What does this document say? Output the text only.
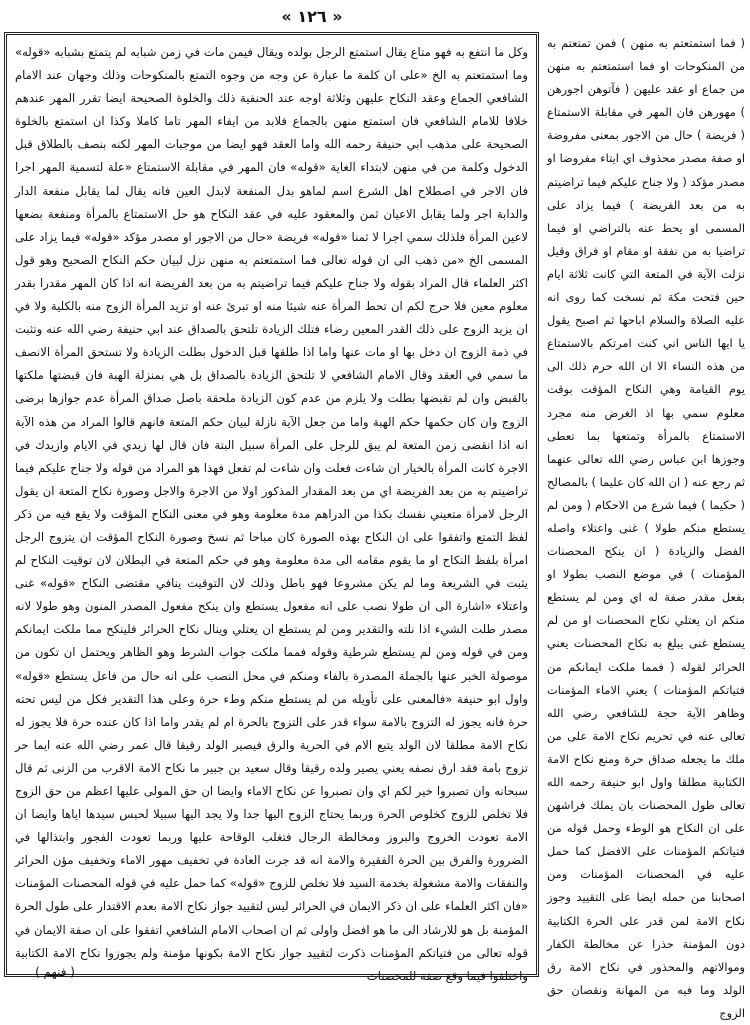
« ١٢٦ »

وكل ما انتفع به فهو متاع يقال استمتع الرجل بولده ويقال فيمن مات في زمن شبابه لم يتمتع بشبابه «قوله» وما استمتعتم به الخ «على ان كلمة ما عبارة عن وجه من وجوه التمتع بالمنكوحات وذلك وجهان عند الامام الشافعي الجماع وعقد النكاح عليهن وثلاثة اوجه عند الحنفية ذلك والخلوة الصحيحة ايضا تقرر المهر عندهم خلافا للامام الشافعي فان استمتع منهن بالجماع فلابد من ايفاء المهر تاما كاملا وكذا ان استمتع بالخلوة الصحيحة على مذهب ابي حنيفة رحمه الله واما العقد فهو ايضا من موجبات المهر لكنه بنصف بالطلاق قبل الدخول وكلمة من في منهن لابتداء الغاية «قوله» فان المهر في مقابلة الاستمتاع «علة لتسمية المهر اجرا فان الاجر في اصطلاح اهل الشرع اسم لماهو بدل المنفعة لابدل العين فانه يقال لما يقابل منفعة الدار والدابة اجر ولما يقابل الاعيان ثمن والمعقود عليه في عقد النكاح هو حل الاستمتاع بالمرأة ومنفعة بضعها لاعين المرأة فلذلك سمي اجرا لا ثمنا «قوله» فريضة «حال من الاجور او مصدر مؤكد «قوله» فيما يزاد على المسمى الخ «من ذهب الى ان قوله تعالى فما استمتعتم به منهن نزل لبيان حكم النكاح الصحيح وهو قول اكثر العلماء قال المراد بقوله ولا جناح عليكم فيما تراضيتم به من بعد الفريضة انه اذا كان المهر مقدرا بقدر معلوم معين فلا حرج لكم ان تحط المرأة عنه شيئا منه او تبرئ عنه او تزيد المرأة الزوج منه بالكلية ولا في ان يزيد الزوج على ذلك القدر المعين رضاء فتلك الزيادة تلتحق بالصداق عند ابي حنيفة رضي الله عنه وتثبت في ذمة الزوج ان دخل بها او مات عنها واما اذا طلقها قبل الدخول بطلت الزيادة ولا تستحق المرأة الانصف ما سمي في العقد وقال الامام الشافعي لا تلتحق الزيادة بالصداق بل هي بمنزلة الهبة فان قبضتها ملكتها بالقبض وان لم تقبضها بطلت ولا يلزم من عدم كون الزيادة ملحقة باصل صداق المرأة عدم جوازها برضى الزوج وان كان حكمها حكم الهبة واما من جعل الآية نازلة لبيان حكم المتعة فانهم قالوا المراد من هذه الآية انه اذا انقضى زمن المتعة لم يبق للرجل على المرأة سبيل البتة فان قال لها زيدي في الايام وازيدك في الاجرة كانت المرأة بالخيار ان شاءت فعلت وان شاءت لم تفعل فهذا هو المراد من قوله ولا جناح عليكم فيما تراضيتم به من بعد الفريضة اي من بعد المقدار المذكور اولا من الاجرة والاجل وصورة نكاح المتعة ان يقول الرجل لامرأة متعيني نفسك بكذا من الدراهم مدة معلومة وهو في معنى النكاح المؤقت ولا يقع فيه من ذكر لفظ التمتع واتفقوا على ان النكاح بهذه الصورة كان مباحا ثم نسخ وصورة النكاح المؤقت ان يتزوج الرجل امرأة بلفظ النكاح او ما يقوم مقامه الى مدة معلومة وهو في حكم المتعة في البطلان لان توقيت النكاح لم يثبت في الشريعة وما لم يكن مشروعا فهو باطل وذلك لان التوقيت ينافي مقتضى النكاح «قوله» غنى واعتلاء «اشارة الى ان طولا نصب على انه مفعول يستطع وان ينكح مفعول المصدر المنون وهو طولا لانه مصدر طلت الشيء اذا نلته والتقدير ومن لم يستطع ان يعتلي وينال نكاح الحرائر فلينكح مما ملكت ايمانكم ومن في قوله ومن لم يستطع شرطية وقوله فمما ملكت جواب الشرط وهو الظاهر ويحتمل ان تكون من موصولة الخبر عنها بالجملة المصدرة بالفاء ومنكم في محل النصب على انه حال من فاعل يستطع «قوله» واول ابو حنيفة «فالمعنى على تأويله من لم يستطع منكم وطء حرة وعلى هذا التقدير فكل من ليس تحته حرة فانه يجوز له التزوج بالامة سواء قدر على التزوج بالحرة ام لم يقدر واما اذا كان عنده حرة فلا يجوز له نكاح الامة مطلقا لان الولد يتبع الام في الحرية والرق فيصير الولد رقيقا قال عمر رضي الله عنه ايما حر تزوج بامة فقد ارق نصفه يعني يصير ولده رقيقا وقال سعيد بن جبير ما نكاح الامة الاقرب من الزنى ثم قال سبحانه وان تصبروا خير لكم اي وان تصبروا عن نكاح الاماء وايضا ان حق المولى عليها اعظم من حق الزوج فلا تخلص للزوج كخلوص الحرة وربما يحتاج الزوج اليها جدا ولا يجد اليها سبيلا لحبس سيدها اياها وايضا ان الامة تعودت الخروج والبروز ومخالطة الرجال فتغلب الوقاحة عليها وربما تعودت الفجور وابتذالها في الضرورة والفرق بين الحرة الفقيرة والامة انه قد جرت العادة في تخفيف مهور الاماء وتخفيف مؤن الحرائر والنفقات والامة مشغولة بخدمة السيد فلا تخلص للزوج «قوله» كما حمل عليه في قوله المحصنات المؤمنات «فان اكثر العلماء على ان ذكر الايمان في الحرائر ليس لتقييد جواز نكاح الامة بعدم الاقتدار على طول الحرة المؤمنة بل هو للارشاد الى ما هو افضل واولى ثم ان اصحاب الامام الشافعي اتفقوا على ان صفة الايمان في قوله تعالى من فتياتكم المؤمنات ذكرت لتقييد جواز نكاح الامة بكونها مؤمنة ولم يجوزوا نكاح الامة الكتابية واختلفوا فيما وقع صفة للمحصنات

( فما استمتعتم به منهن ) فمن تمتعتم به من المنكوحات او فما استمتعتم به منهن من جماع او عقد عليهن ( فآتوهن اجورهن ) مهورهن فان المهر في مقابلة الاستمتاع ( فريضة ) حال من الاجور بمعنى مفروضة او صفة مصدر محذوف اي ايتاء مفروضا او مصدر مؤكد ( ولا جناح عليكم فيما تراضيتم به من بعد الفريضة ) فيما يزاد على المسمى او يحط عنه بالتراضي او فيما تراضيا به من نفقة او مقام او فراق وقيل نزلت الآية في المتعة التي كانت ثلاثة ايام حين فتحت مكة ثم نسخت كما روى انه عليه الصلاة والسلام اباحها ثم اصبح يقول يا ايها الناس اني كنت امرتكم بالاستمتاع من هذه النساء الا ان الله حرم ذلك الى يوم القيامة وهي النكاح المؤقت بوقت معلوم سمي بها اذ الغرض منه مجرد الاستمتاع بالمرأة وتمتعها بما تعطى وجوزها ابن عباس رضي الله تعالى عنهما ثم رجع عنه ( ان الله كان عليما ) بالمصالح ( حكيما ) فيما شرع من الاحكام ( ومن لم يستطع منكم طولا ) غنى واعتلاء واصله الفضل والزيادة ( ان ينكح المحصنات المؤمنات ) في موضع النصب بطولا او بفعل مقدر صفة له اي ومن لم يستطع منكم ان يعتلي نكاح المحصنات او من لم يستطع غنى يبلغ به نكاح المحصنات يعني الحرائر لقوله ( فمما ملكت ايمانكم من فتياتكم المؤمنات ) يعني الاماء المؤمنات وظاهر الآية حجة للشافعي رضي الله تعالى عنه في تحريم نكاح الامة على من ملك ما يجعله صداق حرة ومنع نكاح الامة الكتابية مطلقا واول ابو حنيفة رحمه الله تعالى طول المحصنات بان يملك فراشهن على ان النكاح هو الوطء وحمل قوله من فتياتكم المؤمنات على الافضل كما حمل عليه في المحصنات المؤمنات ومن اصحابنا من حمله ايضا على التقييد وجوز نكاح الامة لمن قدر على الحرة الكتابية دون المؤمنة حذرا عن مخالطة الكفار وموالاتهم والمحذور في نكاح الامة رق الولد وما فيه من المهانة ونقصان حق الزوج

( فنهم )
